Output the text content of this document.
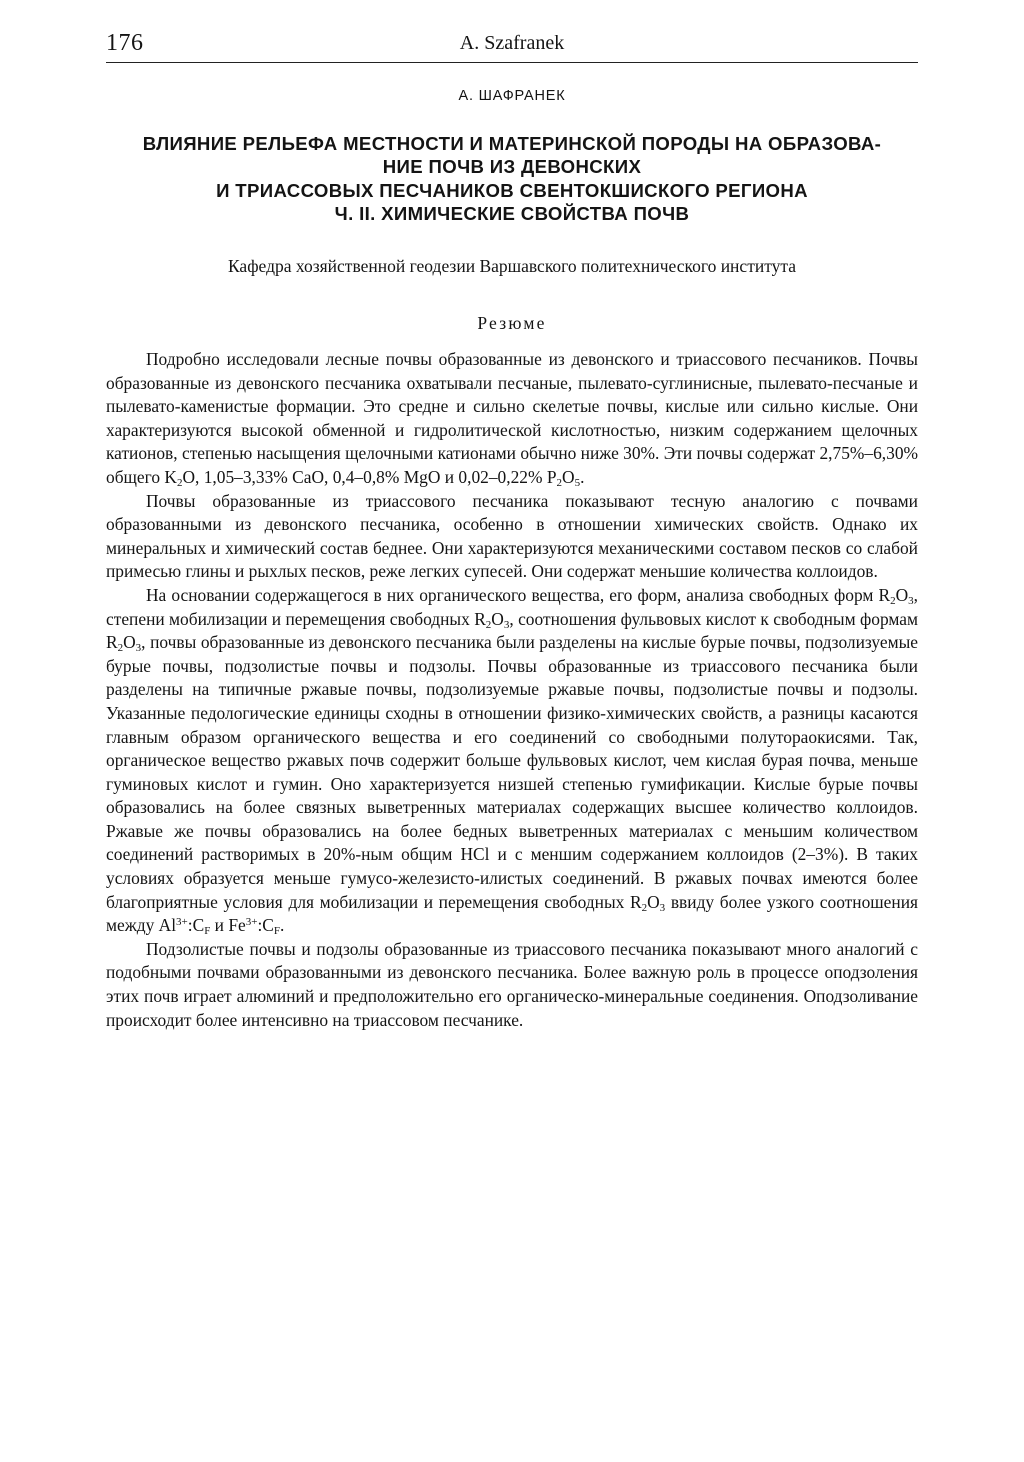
176	A. Szafranek
А. ШАФРАНЕК
ВЛИЯНИЕ РЕЛЬЕФА МЕСТНОСТИ И МАТЕРИНСКОЙ ПОРОДЫ НА ОБРАЗОВА-
НИЕ ПОЧВ ИЗ ДЕВОНСКИХ
И ТРИАССОВЫХ ПЕСЧАНИКОВ СВЕНТОКШИСКОГО РЕГИОНА
Ч. II. ХИМИЧЕСКИЕ СВОЙСТВА ПОЧВ
Кафедра хозяйственной геодезии Варшавского политехнического института
Резюме

Подробно исследовали лесные почвы образованные из девонского и триассового песчаников. Почвы образованные из девонского песчаника охватывали песчаные, пылевато-суглинисные, пылевато-песчаные и пылевато-каменистые формации. Это средне и сильно скелетые почвы, кислые или сильно кислые. Они характеризуются высокой обменной и гидролитической кислотностью, низким содержанием щелочных катионов, степенью насыщения щелочными катионами обычно ниже 30%. Эти почвы содержат 2,75%–6,30% общего $K_2O$, 1,05–3,33% CaO, 0,4–0,8% MgO и 0,02–0,22% $P_2O_5$.

Почвы образованные из триассового песчаника показывают тесную аналогию с почвами образованными из девонского песчаника, особенно в отношении химических свойств. Однако их минеральных и химический состав беднее. Они характеризуются механическими составом песков со слабой примесью глины и рыхлых песков, реже легких супесей. Они содержат меньшие количества коллоидов.

На основании содержащегося в них органического вещества, его форм, анализа свободных форм $R_2O_3$, степени мобилизации и перемещения свободных $R_2O_3$, соотношения фульвовых кислот к свободным формам $R_2O_3$, почвы образованные из девонского песчаника были разделены на кислые бурые почвы, подзолизуемые бурые почвы, подзолистые почвы и подзолы. Почвы образованные из триассового песчаника были разделены на типичные ржавые почвы, подзолизуемые ржавые почвы, подзолистые почвы и подзолы. Указанные педологические единицы сходны в отношении физико-химических свойств, а разницы касаются главным образом органического вещества и его соединений со свободными полутораокисями. Так, органическое вещество ржавых почв содержит больше фульвовых кислот, чем кислая бурая почва, меньше гуминовых кислот и гумин. Оно характеризуется низшей степенью гумификации. Кислые бурые почвы образовались на более связных выветренных материалах содержащих высшее количество коллоидов. Ржавые же почвы образовались на более бедных выветренных материалах с меньшим количеством соединений растворимых в 20%-ным общим HCl и с меншим содержанием коллоидов (2–3%). В таких условиях образуется меньше гумусо-железисто-илистых соединений. В ржавых почвах имеются более благоприятные условия для мобилизации и перемещения свободных $R_2O_3$ ввиду более узкого соотношения между $Al^{3+}:C_F$ и $Fe^{3+}:C_F$.

Подзолистые почвы и подзолы образованные из триассового песчаника показывают много аналогий с подобными почвами образованными из девонского песчаника. Более важную роль в процессе оподзоления этих почв играет алюминий и предположительно его органическо-минеральные соединения. Оподзоливание происходит более интенсивно на триассовом песчанике.
